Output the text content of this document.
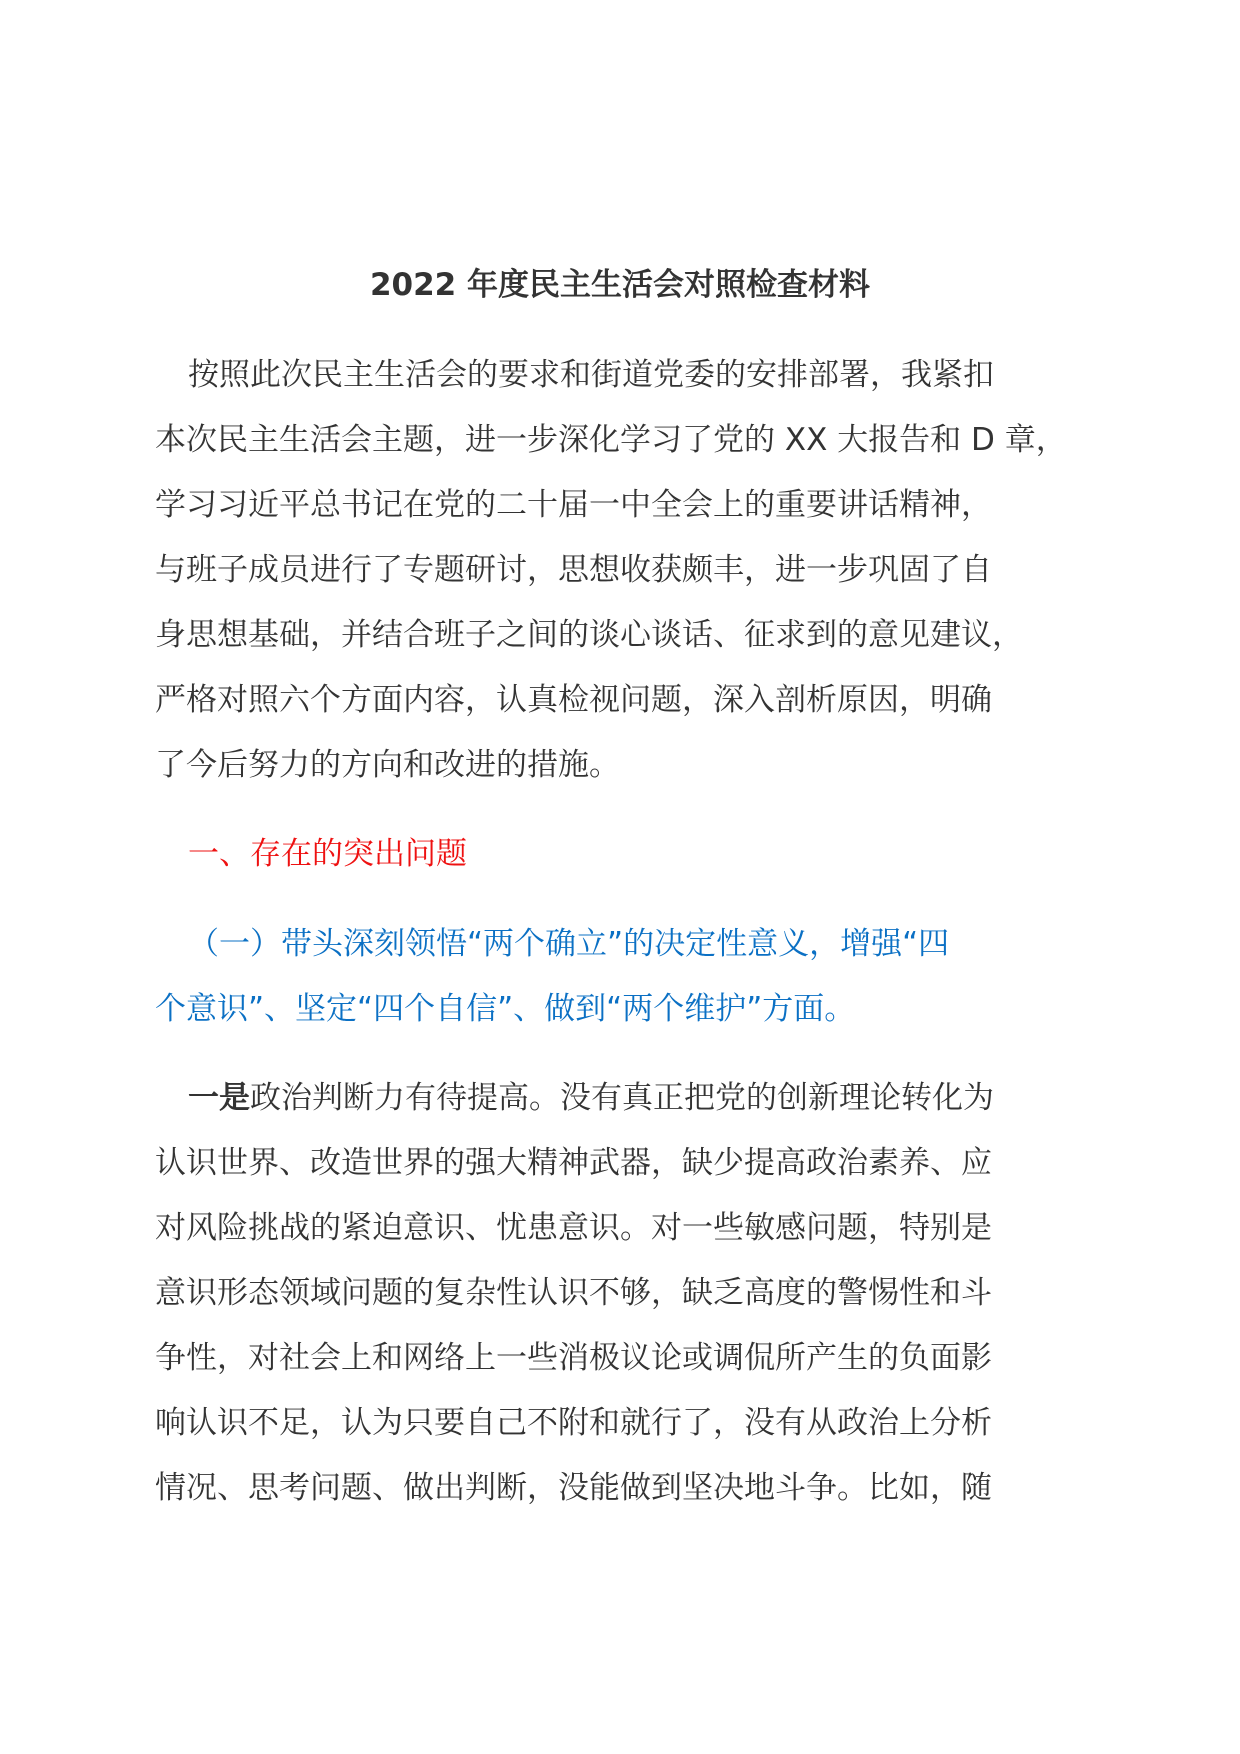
2022 年度民主生活会对照检查材料
按照此次民主生活会的要求和街道党委的安排部署，我紧扣
本次民主生活会主题，进一步深化学习了党的 XX 大报告和 D 章，
学习习近平总书记在党的二十届一中全会上的重要讲话精神，
与班子成员进行了专题研讨，思想收获颇丰，进一步巩固了自
身思想基础，并结合班子之间的谈心谈话、征求到的意见建议，
严格对照六个方面内容，认真检视问题，深入剖析原因，明确
了今后努力的方向和改进的措施。
一、存在的突出问题
（一）带头深刻领悟“两个确立”的决定性意义，增强“四
个意识”、坚定“四个自信”、做到“两个维护”方面。
一是政治判断力有待提高。没有真正把党的创新理论转化为
认识世界、改造世界的强大精神武器，缺少提高政治素养、应
对风险挑战的紧迫意识、忧患意识。对一些敏感问题，特别是
意识形态领域问题的复杂性认识不够，缺乏高度的警惕性和斗
争性，对社会上和网络上一些消极议论或调侃所产生的负面影
响认识不足，认为只要自己不附和就行了，没有从政治上分析
情况、思考问题、做出判断，没能做到坚决地斗争。比如，随
